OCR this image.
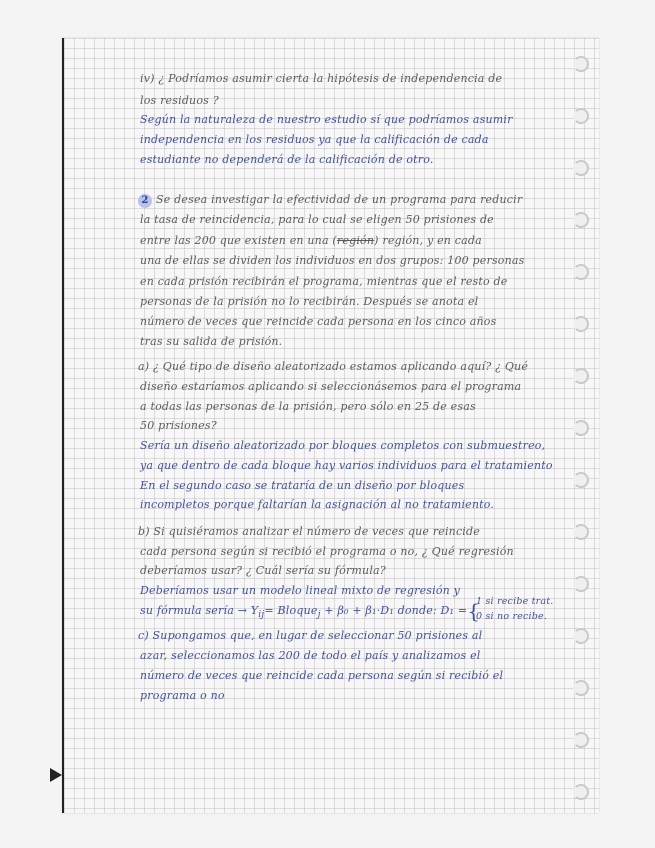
iv) ¿ Podríamos asumir cierta la hipótesis de independencia de

los residuos ?

Según la naturaleza de nuestro estudio sí que podríamos asumir

independencia en los residuos ya que la calificación de cada

estudiante no dependerá de la calificación de otro.

2 Se desea investigar la efectividad de un programa para reducir

la tasa de reincidencia, para lo cual se eligen 50 prisiones de

entre las 200 que existen en una (región) región, y en cada

una de ellas se dividen los individuos en dos grupos: 100 personas

en cada prisión recibirán el programa, mientras que el resto de

personas de la prisión no lo recibirán. Después se anota el

número de veces que reincide cada persona en los cinco años

tras su salida de prisión.

a) ¿ Qué tipo de diseño aleatorizado estamos aplicando aquí? ¿ Qué

diseño estaríamos aplicando si seleccionásemos para el programa

a todas las personas de la prisión, pero sólo en 25 de esas

50 prisiones?

Sería un diseño aleatorizado por bloques completos con submuestreo,

ya que dentro de cada bloque hay varios individuos para el tratamiento

En el segundo caso se trataría de un diseño por bloques

incompletos porque faltarían la asignación al no tratamiento.

b) Si quisiéramos analizar el número de veces que reincide

cada persona según si recibió el programa o no, ¿ Qué regresión

deberíamos usar? ¿ Cuál sería su fórmula?

Deberíamos usar un modelo lineal mixto de regresión y

su fórmula sería → $Y_{ij}=$ Bloque$_j$ + β₀ + β₁·D₁ donde: D₁ ={

1 si recibe trat.

0 si no recibe.

c) Supongamos que, en lugar de seleccionar 50 prisiones al

azar, seleccionamos las 200 de todo el país y analizamos el

número de veces que reincide cada persona según si recibió el

programa o no
